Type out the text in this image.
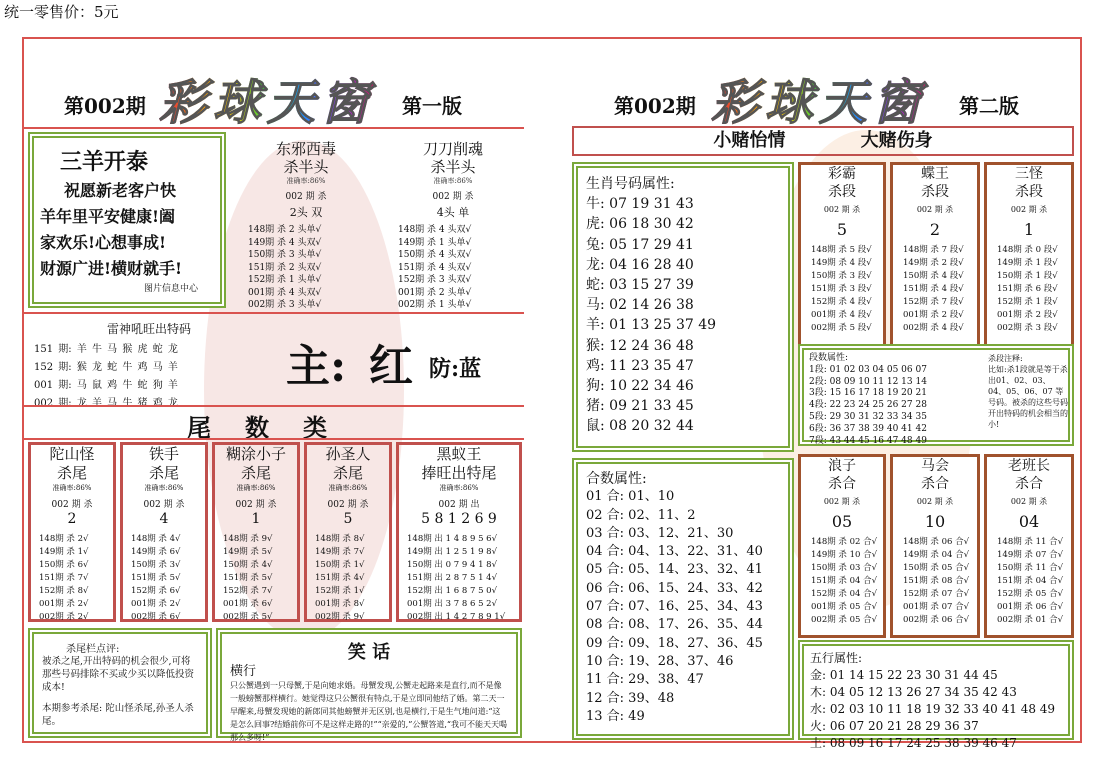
统一零售价：5元
第002期 彩球天窗 第一版
三羊开泰
祝愿新老客户快
羊年里平安健康!阖
家欢乐!心想事成!
财源广进!横财就手!
图片信息中心
东邪西毒
杀半头
准确率:86%
002 期 杀
2头 双
148期 杀 2 头单√
149期 杀 4 头双√
150期 杀 3 头单√
151期 杀 2 头双√
152期 杀 1 头单√
001期 杀 4 头双√
002期 杀 3 头单√
刀刀削魂
杀半头
准确率:86%
002 期 杀
4头 单
148期 杀 4 头双√
149期 杀 1 头单√
150期 杀 4 头双√
151期 杀 4 头双√
152期 杀 3 头双√
001期 杀 2 头单√
002期 杀 1 头单√
雷神吼旺出特码
151 期: 羊 牛 马 猴 虎 蛇 龙
152 期: 猴 龙 蛇 牛 鸡 马 羊
001 期: 马 鼠 鸡 牛 蛇 狗 羊
002 期: 龙 羊 马 牛 猪 鸡 龙
主: 红 防:蓝
尾数类
陀山怪
杀尾
准确率:86%
002 期 杀
2
148期 杀 2√
149期 杀 1√
150期 杀 6√
151期 杀 7√
152期 杀 8√
001期 杀 2√
002期 杀 2√
铁手
杀尾
准确率:86%
002 期 杀
4
148期 杀 4√
149期 杀 6√
150期 杀 3√
151期 杀 5√
152期 杀 6√
001期 杀 2√
002期 杀 6√
糊涂小子
杀尾
准确率:86%
002 期 杀
1
148期 杀 9√
149期 杀 5√
150期 杀 4√
151期 杀 5√
152期 杀 7√
001期 杀 6√
002期 杀 5√
孙圣人
杀尾
准确率:86%
002 期 杀
5
148期 杀 8√
149期 杀 7√
150期 杀 1√
151期 杀 4√
152期 杀 1√
001期 杀 8√
002期 杀 9√
黑蚁王
捧旺出特尾
准确率:86%
002 期 出
5 8 1 2 6 9
148期 出 1 4 8 9 5 6√
149期 出 1 2 5 1 9 8√
150期 出 0 7 9 4 1 8√
151期 出 2 8 7 5 1 4√
152期 出 1 6 8 7 5 0√
001期 出 3 7 8 6 5 2√
002期 出 1 4 2 7 8 9 1√
杀尾栏点评:
被杀之尾,开出特码的机会很少,可将那些号码排除不买或少买以降低投资成本!
本期参考杀尾: 陀山怪杀尾,孙圣人杀尾。
笑 话
横行
只公蟹遇到一只母蟹,于是向她求婚。母蟹发现,公蟹走起路来是直行,而不是像一般螃蟹那样横行。她觉得这只公蟹很有特点,于是立即同他结了婚。第二天一早醒来,母蟹发现她的新郎同其他螃蟹并无区别,也是横行,于是生气地问道:“这是怎么回事?结婚前你可不是这样走路的!”“亲爱的,”公蟹答道,“我可不能天天喝那么多呀!”
第002期 彩球天窗 第二版
小赌怡情            大赌伤身
生肖号码属性:
牛: 07 19 31 43
虎: 06 18 30 42
兔: 05 17 29 41
龙: 04 16 28 40
蛇: 03 15 27 39
马: 02 14 26 38
羊: 01 13 25 37 49
猴: 12 24 36 48
鸡: 11 23 35 47
狗: 10 22 34 46
猪: 09 21 33 45
鼠: 08 20 32 44
彩霸
杀段
002 期 杀
5
148期 杀 5 段√
149期 杀 4 段√
150期 杀 3 段√
151期 杀 3 段√
152期 杀 4 段√
001期 杀 4 段√
002期 杀 5 段√
蝶王
杀段
002 期 杀
2
148期 杀 7 段√
149期 杀 2 段√
150期 杀 4 段√
151期 杀 4 段√
152期 杀 7 段√
001期 杀 2 段√
002期 杀 4 段√
三怪
杀段
002 期 杀
1
148期 杀 0 段√
149期 杀 1 段√
150期 杀 1 段√
151期 杀 6 段√
152期 杀 1 段√
001期 杀 2 段√
002期 杀 3 段√
段数属性:
1段: 01 02 03 04 05 06 07
2段: 08 09 10 11 12 13 14
3段: 15 16 17 18 19 20 21
4段: 22 23 24 25 26 27 28
5段: 29 30 31 32 33 34 35
6段: 36 37 38 39 40 41 42
7段: 43 44 45 16 47 48 49
杀段注释:
比如:杀1段就是等于杀出01、02、03、04、05、06、07 等号码。被杀的这些号码开出特码的机会相当的小!
合数属性:
01 合: 01、10
02 合: 02、11、2
03 合: 03、12、21、30
04 合: 04、13、22、31、40
05 合: 05、14、23、32、41
06 合: 06、15、24、33、42
07 合: 07、16、25、34、43
08 合: 08、17、26、35、44
09 合: 09、18、27、36、45
10 合: 19、28、37、46
11 合: 29、38、47
12 合: 39、48
13 合: 49
浪子
杀合
002 期 杀
05
148期 杀 02 合√
149期 杀 10 合√
150期 杀 03 合√
151期 杀 04 合√
152期 杀 04 合√
001期 杀 05 合√
002期 杀 05 合√
马会
杀合
002 期 杀
10
148期 杀 06 合√
149期 杀 04 合√
150期 杀 05 合√
151期 杀 08 合√
152期 杀 07 合√
001期 杀 07 合√
002期 杀 06 合√
老班长
杀合
002 期 杀
04
148期 杀 11 合√
149期 杀 07 合√
150期 杀 11 合√
151期 杀 04 合√
152期 杀 05 合√
001期 杀 06 合√
002期 杀 01 合√
五行属性:
金: 01 14 15 22 23 30 31 44 45
木: 04 05 12 13 26 27 34 35 42 43
水: 02 03 10 11 18 19 32 33 40 41 48 49
火: 06 07 20 21 28 29 36 37
土: 08 09 16 17 24 25 38 39 46 47
